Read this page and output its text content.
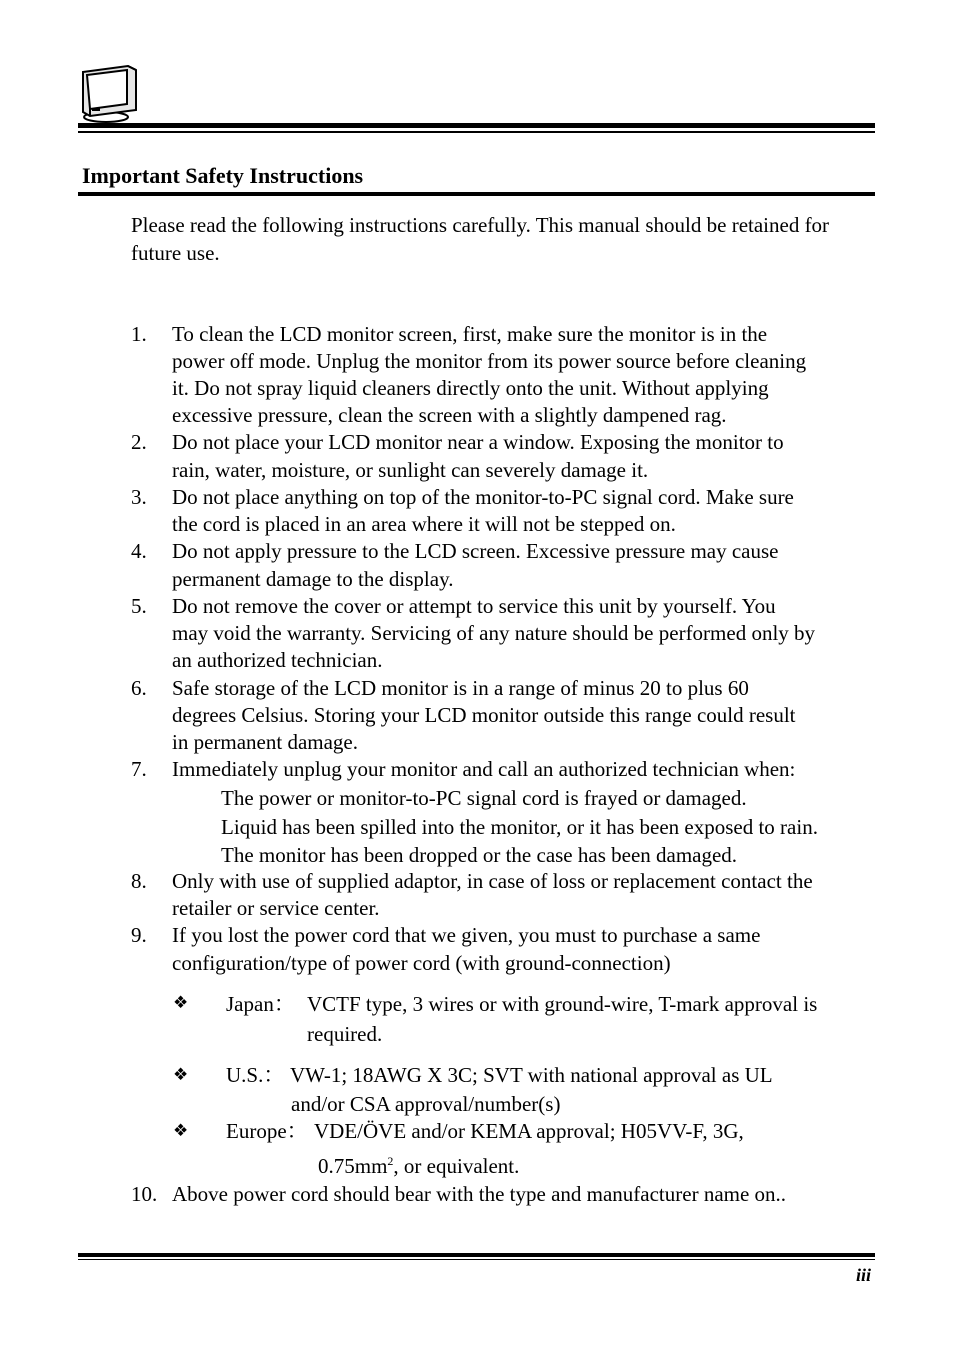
Important Safety Instructions
Please read the following instructions carefully. This manual should be retained for future use.
1. To clean the LCD monitor screen, first, make sure the monitor is in the
power off mode. Unplug the monitor from its power source before cleaning
it. Do not spray liquid cleaners directly onto the unit. Without applying
excessive pressure, clean the screen with a slightly dampened rag.
2. Do not place your LCD monitor near a window. Exposing the monitor to
rain, water, moisture, or sunlight can severely damage it.
3. Do not place anything on top of the monitor-to-PC signal cord. Make sure
the cord is placed in an area where it will not be stepped on.
4. Do not apply pressure to the LCD screen. Excessive pressure may cause
permanent damage to the display.
5. Do not remove the cover or attempt to service this unit by yourself. You
may void the warranty. Servicing of any nature should be performed only by
an authorized technician.
6. Safe storage of the LCD monitor is in a range of minus 20 to plus 60
degrees Celsius. Storing your LCD monitor outside this range could result
in permanent damage.
7. Immediately unplug your monitor and call an authorized technician when:
The power or monitor-to-PC signal cord is frayed or damaged.
Liquid has been spilled into the monitor, or it has been exposed to rain.
The monitor has been dropped or the case has been damaged.
8. Only with use of supplied adaptor, in case of loss or replacement contact the
retailer or service center.
9. If you lost the power cord that we given, you must to purchase a same
configuration/type of power cord (with ground-connection)
❖ Japan： VCTF type, 3 wires or with ground-wire, T-mark approval is
required.
❖ U.S.： VW-1; 18AWG X 3C; SVT with national approval as UL
and/or CSA approval/number(s)
❖ Europe： VDE/ÖVE and/or KEMA approval; H05VV-F, 3G,
$0.75mm^2$, or equivalent.
10. Above power cord should bear with the type and manufacturer name on..
iii
